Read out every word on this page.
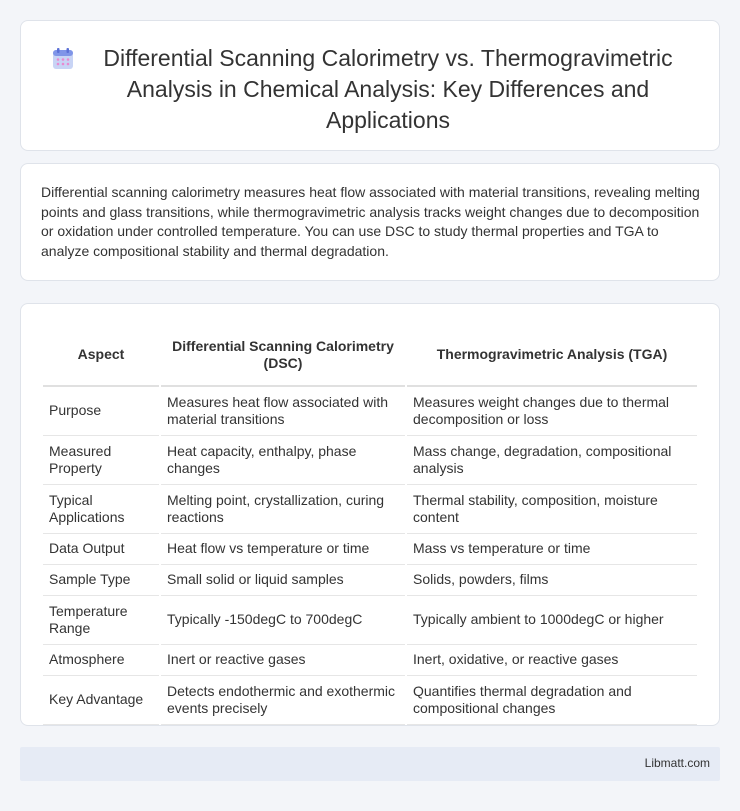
Differential Scanning Calorimetry vs. Thermogravimetric Analysis in Chemical Analysis: Key Differences and Applications

Differential scanning calorimetry measures heat flow associated with material transitions, revealing melting points and glass transitions, while thermogravimetric analysis tracks weight changes due to decomposition or oxidation under controlled temperature. You can use DSC to study thermal properties and TGA to analyze compositional stability and thermal degradation.

Aspect	Differential Scanning Calorimetry (DSC)	Thermogravimetric Analysis (TGA)
Purpose	Measures heat flow associated with material transitions	Measures weight changes due to thermal decomposition or loss
Measured Property	Heat capacity, enthalpy, phase changes	Mass change, degradation, compositional analysis
Typical Applications	Melting point, crystallization, curing reactions	Thermal stability, composition, moisture content
Data Output	Heat flow vs temperature or time	Mass vs temperature or time
Sample Type	Small solid or liquid samples	Solids, powders, films
Temperature Range	Typically -150degC to 700degC	Typically ambient to 1000degC or higher
Atmosphere	Inert or reactive gases	Inert, oxidative, or reactive gases
Key Advantage	Detects endothermic and exothermic events precisely	Quantifies thermal degradation and compositional changes
Libmatt.com
